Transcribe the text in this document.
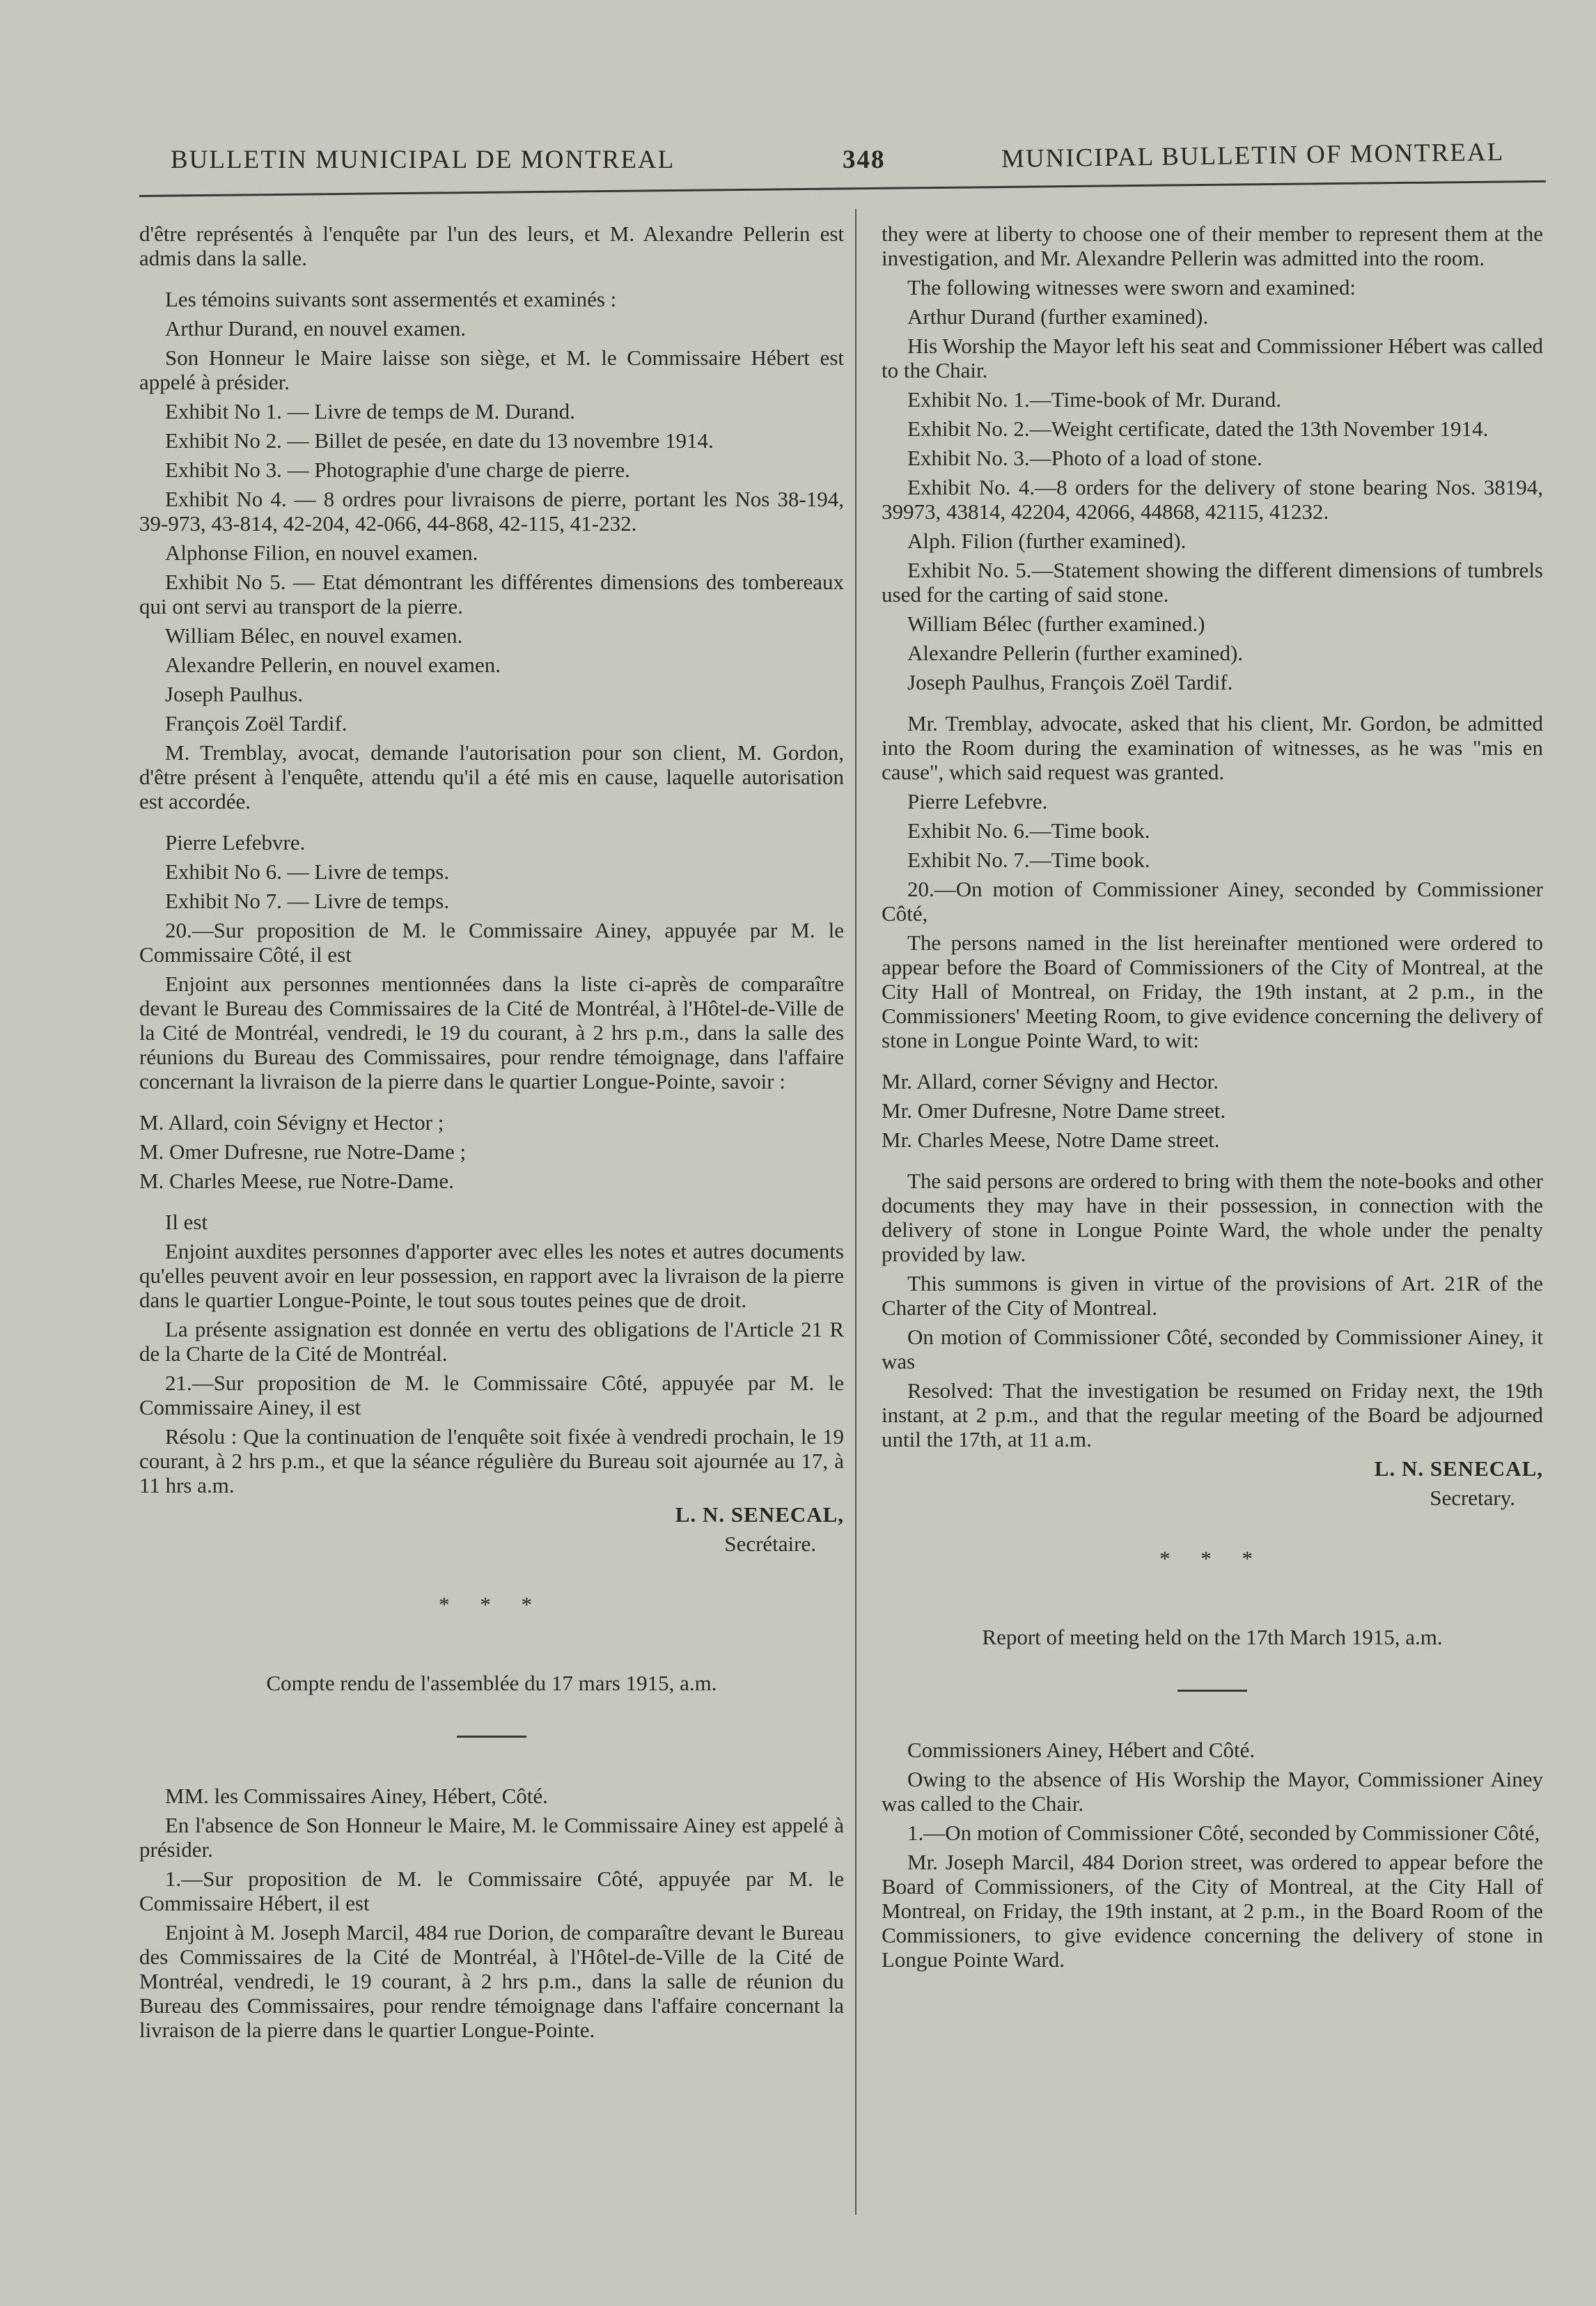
BULLETIN MUNICIPAL DE MONTREAL	348	MUNICIPAL BULLETIN OF MONTREAL

d'être représentés à l'enquête par l'un des leurs, et M. Alexandre Pellerin est admis dans la salle.

Les témoins suivants sont assermentés et examinés :

Arthur Durand, en nouvel examen.

Son Honneur le Maire laisse son siège, et M. le Commissaire Hébert est appelé à présider.

Exhibit No 1. — Livre de temps de M. Durand.

Exhibit No 2. — Billet de pesée, en date du 13 novembre 1914.

Exhibit No 3. — Photographie d'une charge de pierre.

Exhibit No 4. — 8 ordres pour livraisons de pierre, portant les Nos 38-194, 39-973, 43-814, 42-204, 42-066, 44-868, 42-115, 41-232.

Alphonse Filion, en nouvel examen.

Exhibit No 5. — Etat démontrant les différentes dimensions des tombereaux qui ont servi au transport de la pierre.

William Bélec, en nouvel examen.

Alexandre Pellerin, en nouvel examen.

Joseph Paulhus.

François Zoël Tardif.

M. Tremblay, avocat, demande l'autorisation pour son client, M. Gordon, d'être présent à l'enquête, attendu qu'il a été mis en cause, laquelle autorisation est accordée.

Pierre Lefebvre.

Exhibit No 6. — Livre de temps.

Exhibit No 7. — Livre de temps.

20.—Sur proposition de M. le Commissaire Ainey, appuyée par M. le Commissaire Côté, il est

Enjoint aux personnes mentionnées dans la liste ci-après de comparaître devant le Bureau des Commissaires de la Cité de Montréal, à l'Hôtel-de-Ville de la Cité de Montréal, vendredi, le 19 du courant, à 2 hrs p.m., dans la salle des réunions du Bureau des Commissaires, pour rendre témoignage, dans l'affaire concernant la livraison de la pierre dans le quartier Longue-Pointe, savoir :

M. Allard, coin Sévigny et Hector ;

M. Omer Dufresne, rue Notre-Dame ;

M. Charles Meese, rue Notre-Dame.

Il est

Enjoint auxdites personnes d'apporter avec elles les notes et autres documents qu'elles peuvent avoir en leur possession, en rapport avec la livraison de la pierre dans le quartier Longue-Pointe, le tout sous toutes peines que de droit.

La présente assignation est donnée en vertu des obligations de l'Article 21 R de la Charte de la Cité de Montréal.

21.—Sur proposition de M. le Commissaire Côté, appuyée par M. le Commissaire Ainey, il est

Résolu : Que la continuation de l'enquête soit fixée à vendredi prochain, le 19 courant, à 2 hrs p.m., et que la séance régulière du Bureau soit ajournée au 17, à 11 hrs a.m.

L. N. SENECAL,

Secrétaire.

* * *

Compte rendu de l'assemblée du 17 mars 1915, a.m.

MM. les Commissaires Ainey, Hébert, Côté.

En l'absence de Son Honneur le Maire, M. le Commissaire Ainey est appelé à présider.

1.—Sur proposition de M. le Commissaire Côté, appuyée par M. le Commissaire Hébert, il est

Enjoint à M. Joseph Marcil, 484 rue Dorion, de comparaître devant le Bureau des Commissaires de la Cité de Montréal, à l'Hôtel-de-Ville de la Cité de Montréal, vendredi, le 19 courant, à 2 hrs p.m., dans la salle de réunion du Bureau des Commissaires, pour rendre témoignage dans l'affaire concernant la livraison de la pierre dans le quartier Longue-Pointe.

they were at liberty to choose one of their member to represent them at the investigation, and Mr. Alexandre Pellerin was admitted into the room.

The following witnesses were sworn and examined:

Arthur Durand (further examined).

His Worship the Mayor left his seat and Commissioner Hébert was called to the Chair.

Exhibit No. 1.—Time-book of Mr. Durand.

Exhibit No. 2.—Weight certificate, dated the 13th November 1914.

Exhibit No. 3.—Photo of a load of stone.

Exhibit No. 4.—8 orders for the delivery of stone bearing Nos. 38194, 39973, 43814, 42204, 42066, 44868, 42115, 41232.

Alph. Filion (further examined).

Exhibit No. 5.—Statement showing the different dimensions of tumbrels used for the carting of said stone.

William Bélec (further examined.)

Alexandre Pellerin (further examined).

Joseph Paulhus, François Zoël Tardif.

Mr. Tremblay, advocate, asked that his client, Mr. Gordon, be admitted into the Room during the examination of witnesses, as he was "mis en cause", which said request was granted.

Pierre Lefebvre.

Exhibit No. 6.—Time book.

Exhibit No. 7.—Time book.

20.—On motion of Commissioner Ainey, seconded by Commissioner Côté,

The persons named in the list hereinafter mentioned were ordered to appear before the Board of Commissioners of the City of Montreal, at the City Hall of Montreal, on Friday, the 19th instant, at 2 p.m., in the Commissioners' Meeting Room, to give evidence concerning the delivery of stone in Longue Pointe Ward, to wit:

Mr. Allard, corner Sévigny and Hector.

Mr. Omer Dufresne, Notre Dame street.

Mr. Charles Meese, Notre Dame street.

The said persons are ordered to bring with them the note-books and other documents they may have in their possession, in connection with the delivery of stone in Longue Pointe Ward, the whole under the penalty provided by law.

This summons is given in virtue of the provisions of Art. 21R of the Charter of the City of Montreal.

On motion of Commissioner Côté, seconded by Commissioner Ainey, it was

Resolved: That the investigation be resumed on Friday next, the 19th instant, at 2 p.m., and that the regular meeting of the Board be adjourned until the 17th, at 11 a.m.

L. N. SENECAL,

Secretary.

* * *

Report of meeting held on the 17th March 1915, a.m.

Commissioners Ainey, Hébert and Côté.

Owing to the absence of His Worship the Mayor, Commissioner Ainey was called to the Chair.

1.—On motion of Commissioner Côté, seconded by Commissioner Côté,

Mr. Joseph Marcil, 484 Dorion street, was ordered to appear before the Board of Commissioners, of the City of Montreal, at the City Hall of Montreal, on Friday, the 19th instant, at 2 p.m., in the Board Room of the Commissioners, to give evidence concerning the delivery of stone in Longue Pointe Ward.
